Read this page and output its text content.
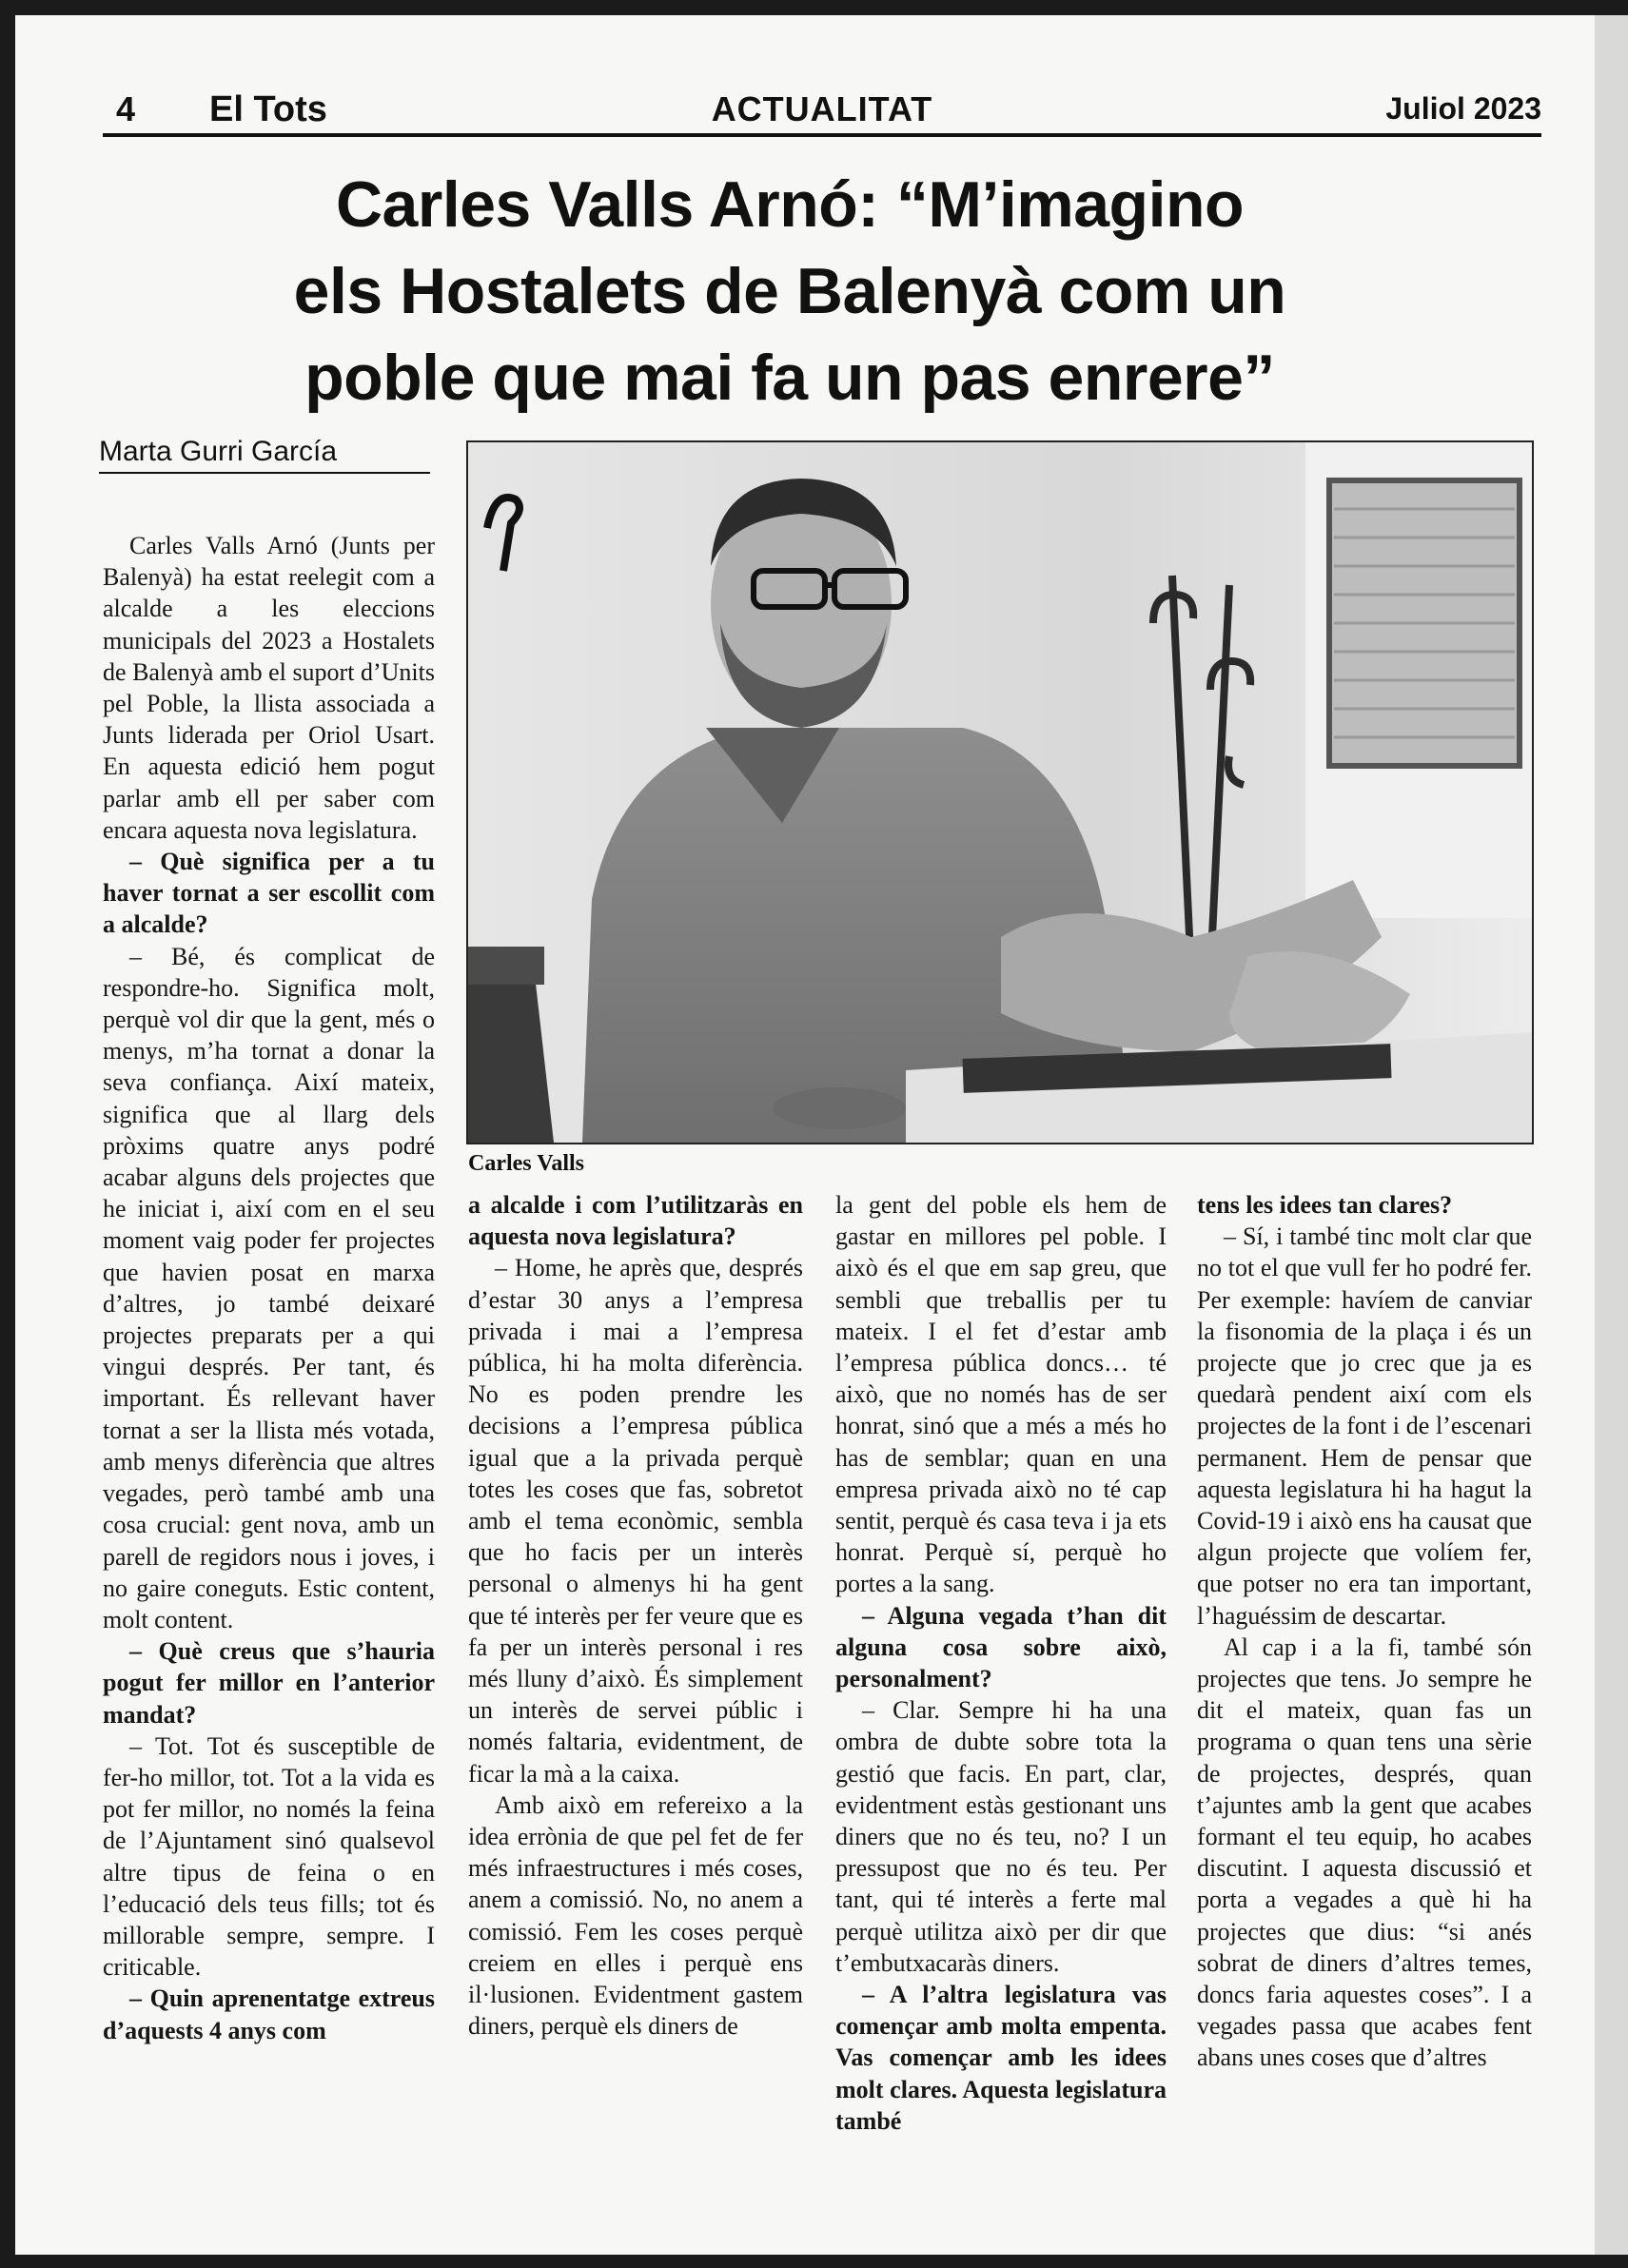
4 El Tots	ACTUALITAT	Juliol 2023
Carles Valls Arnó: “M’imagino
els Hostalets de Balenyà com un
poble que mai fa un pas enrere”
Marta Gurri García
Carles Valls

Carles Valls Arnó (Junts per Balenyà) ha estat reelegit com a alcalde a les eleccions municipals del 2023 a Hostalets de Balenyà amb el suport d’Units pel Poble, la llista associada a Junts liderada per Oriol Usart. En aquesta edició hem pogut parlar amb ell per saber com encara aquesta nova legislatura.

– Què significa per a tu haver tornat a ser escollit com a alcalde?

– Bé, és complicat de respondre-ho. Significa molt, perquè vol dir que la gent, més o menys, m’ha tornat a donar la seva confiança. Així mateix, significa que al llarg dels pròxims quatre anys podré acabar alguns dels projectes que he iniciat i, així com en el seu moment vaig poder fer projectes que havien posat en marxa d’altres, jo també deixaré projectes preparats per a qui vingui després. Per tant, és important. És rellevant haver tornat a ser la llista més votada, amb menys diferència que altres vegades, però també amb una cosa crucial: gent nova, amb un parell de regidors nous i joves, i no gaire coneguts. Estic content, molt content.

– Què creus que s’hauria pogut fer millor en l’anterior mandat?

– Tot. Tot és susceptible de fer-ho millor, tot. Tot a la vida es pot fer millor, no només la feina de l’Ajuntament sinó qualsevol altre tipus de feina o en l’educació dels teus fills; tot és millorable sempre, sempre. I criticable.

– Quin aprenentatge extreus d’aquests 4 anys com

a alcalde i com l’utilitzaràs en aquesta nova legislatura?

– Home, he après que, després d’estar 30 anys a l’empresa privada i mai a l’empresa pública, hi ha molta diferència. No es poden prendre les decisions a l’empresa pública igual que a la privada perquè totes les coses que fas, sobretot amb el tema econòmic, sembla que ho facis per un interès personal o almenys hi ha gent que té interès per fer veure que es fa per un interès personal i res més lluny d’això. És simplement un interès de servei públic i només faltaria, evidentment, de ficar la mà a la caixa.

Amb això em refereixo a la idea errònia de que pel fet de fer més infraestructures i més coses, anem a comissió. No, no anem a comissió. Fem les coses perquè creiem en elles i perquè ens il·lusionen. Evidentment gastem diners, perquè els diners de

la gent del poble els hem de gastar en millores pel poble. I això és el que em sap greu, que sembli que treballis per tu mateix. I el fet d’estar amb l’empresa pública doncs… té això, que no només has de ser honrat, sinó que a més a més ho has de semblar; quan en una empresa privada això no té cap sentit, perquè és casa teva i ja ets honrat. Perquè sí, perquè ho portes a la sang.

– Alguna vegada t’han dit alguna cosa sobre això, personalment?

– Clar. Sempre hi ha una ombra de dubte sobre tota la gestió que facis. En part, clar, evidentment estàs gestionant uns diners que no és teu, no? I un pressupost que no és teu. Per tant, qui té interès a ferte mal perquè utilitza això per dir que t’embutxacaràs diners.

– A l’altra legislatura vas començar amb molta empenta. Vas començar amb les idees molt clares. Aquesta legislatura també

tens les idees tan clares?

– Sí, i també tinc molt clar que no tot el que vull fer ho podré fer. Per exemple: havíem de canviar la fisonomia de la plaça i és un projecte que jo crec que ja es quedarà pendent així com els projectes de la font i de l’escenari permanent. Hem de pensar que aquesta legislatura hi ha hagut la Covid-19 i això ens ha causat que algun projecte que volíem fer, que potser no era tan important, l’haguéssim de descartar.

Al cap i a la fi, també són projectes que tens. Jo sempre he dit el mateix, quan fas un programa o quan tens una sèrie de projectes, després, quan t’ajuntes amb la gent que acabes formant el teu equip, ho acabes discutint. I aquesta discussió et porta a vegades a què hi ha projectes que dius: “si anés sobrat de diners d’altres temes, doncs faria aquestes coses”. I a vegades passa que acabes fent abans unes coses que d’altres
